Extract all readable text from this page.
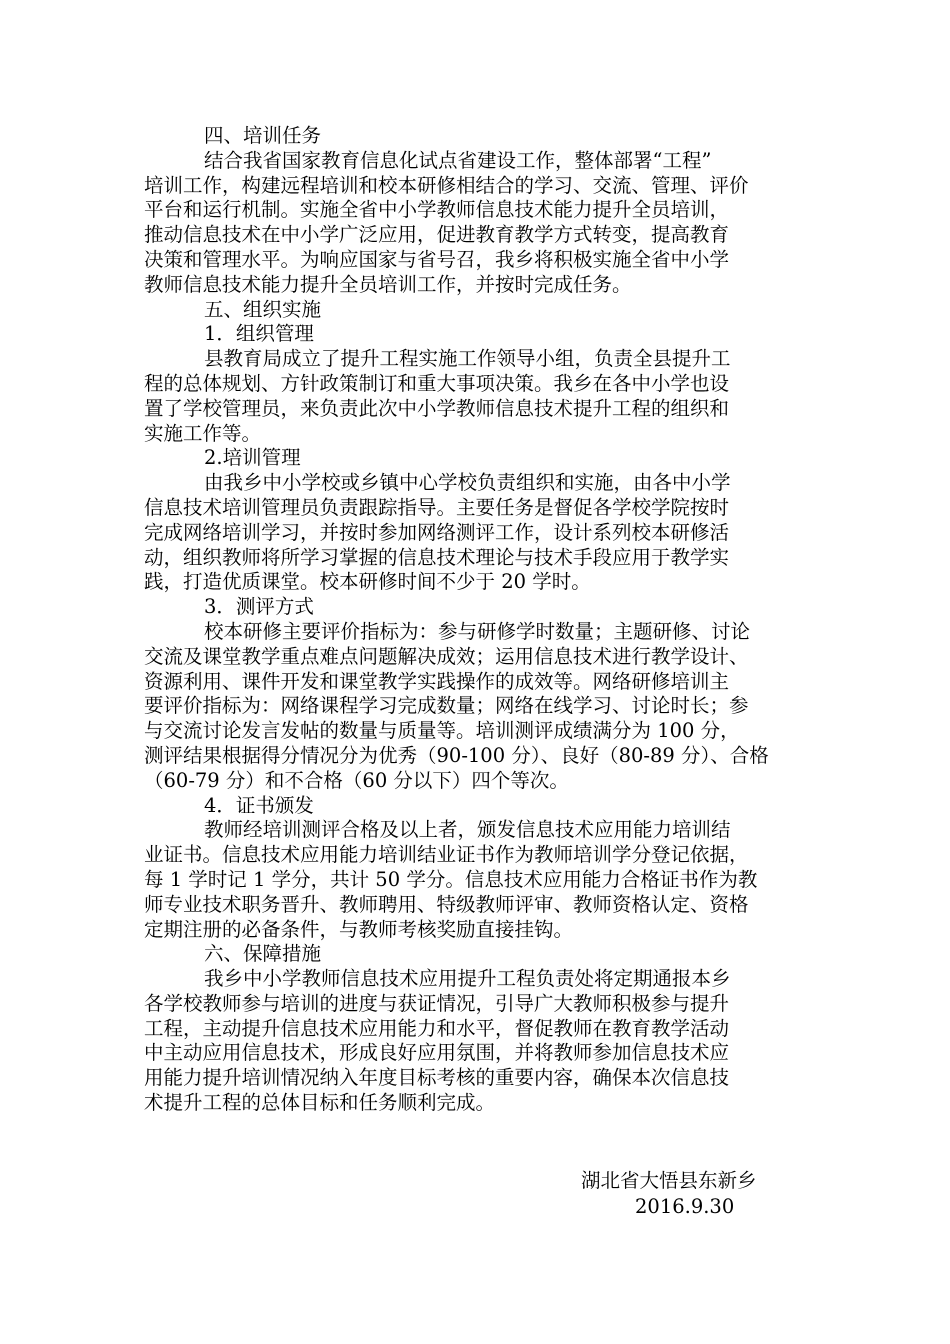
四、培训任务
结合我省国家教育信息化试点省建设工作，整体部署“工程”
培训工作，构建远程培训和校本研修相结合的学习、交流、管理、评价
平台和运行机制。实施全省中小学教师信息技术能力提升全员培训，
推动信息技术在中小学广泛应用，促进教育教学方式转变，提高教育
决策和管理水平。为响应国家与省号召，我乡将积极实施全省中小学
教师信息技术能力提升全员培训工作，并按时完成任务。
五、组织实施
1．组织管理
县教育局成立了提升工程实施工作领导小组，负责全县提升工
程的总体规划、方针政策制订和重大事项决策。我乡在各中小学也设
置了学校管理员，来负责此次中小学教师信息技术提升工程的组织和
实施工作等。
2.培训管理
由我乡中小学校或乡镇中心学校负责组织和实施，由各中小学
信息技术培训管理员负责跟踪指导。主要任务是督促各学校学院按时
完成网络培训学习，并按时参加网络测评工作，设计系列校本研修活
动，组织教师将所学习掌握的信息技术理论与技术手段应用于教学实
践，打造优质课堂。校本研修时间不少于 20 学时。
3．测评方式
校本研修主要评价指标为：参与研修学时数量；主题研修、讨论
交流及课堂教学重点难点问题解决成效；运用信息技术进行教学设计、
资源利用、课件开发和课堂教学实践操作的成效等。网络研修培训主
要评价指标为：网络课程学习完成数量；网络在线学习、讨论时长；参
与交流讨论发言发帖的数量与质量等。培训测评成绩满分为 100 分，
测评结果根据得分情况分为优秀（90-100 分）、良好（80-89 分）、合格
（60-79 分）和不合格（60 分以下）四个等次。
4．证书颁发
教师经培训测评合格及以上者，颁发信息技术应用能力培训结
业证书。信息技术应用能力培训结业证书作为教师培训学分登记依据，
每 1 学时记 1 学分，共计 50 学分。信息技术应用能力合格证书作为教
师专业技术职务晋升、教师聘用、特级教师评审、教师资格认定、资格
定期注册的必备条件，与教师考核奖励直接挂钩。
六、保障措施
我乡中小学教师信息技术应用提升工程负责处将定期通报本乡
各学校教师参与培训的进度与获证情况，引导广大教师积极参与提升
工程，主动提升信息技术应用能力和水平，督促教师在教育教学活动
中主动应用信息技术，形成良好应用氛围，并将教师参加信息技术应
用能力提升培训情况纳入年度目标考核的重要内容，确保本次信息技
术提升工程的总体目标和任务顺利完成。
湖北省大悟县东新乡
2016.9.30
